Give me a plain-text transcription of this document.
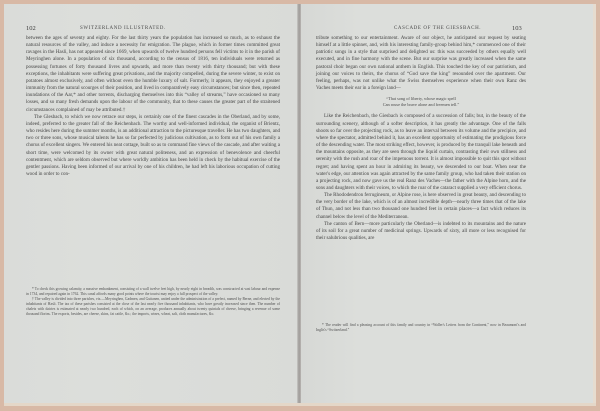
102	SWITZERLAND ILLUSTRATED.

between the ages of seventy and eighty. For the last thirty years the population has increased so much, as to exhaust the natural resources of the valley, and induce a necessity for emigration. The plague, which in former times committed great ravages in the Hasli, has not appeared since 1669, when upwards of twelve hundred persons fell victims to it in the parish of Meyringhen alone. In a population of six thousand, according to the census of 1816, ten individuals were returned as possessing fortunes of forty thousand livres and upwards, and more than twenty with thirty thousand; but with these exceptions, the inhabitants were suffering great privations, and the majority compelled, during the severe winter, to exist on potatoes almost exclusively, and often without even the humble luxury of salt. Formerly, it appears, they enjoyed a greater immunity from the natural scourges of their position, and lived in comparatively easy circumstances; but since then, repeated inundations of the Aar,* and other torrents, discharging themselves into this “valley of streams,” have occasioned so many losses, and so many fresh demands upon the labour of the community, that to these causes the greater part of the straitened circumstances complained of may be attributed.†

The Glesbach, to which we now retrace our steps, is certainly one of the finest cascades in the Oberland, and by some, indeed, preferred to the greater fall of the Reichenbach. The worthy and well-informed individual, the organist of Brientz, who resides here during the summer months, is an additional attraction to the picturesque traveller. He has two daughters, and two or three sons, whose musical talents he has so far perfected by judicious cultivation, as to form out of his own family a chorus of excellent singers. We entered his neat cottage, built so as to command fine views of the cascade, and after waiting a short time, were welcomed by its owner with great natural politeness, and an expression of benevolence and cheerful contentment, which are seldom observed but where worldly ambition has been held in check by the habitual exercise of the gentler passions. Having been informed of our arrival by one of his children, he had left his laborious occupation of cutting wood in order to con-

* To check this growing calamity, a massive embankment, consisting of a wall twelve feet high, by nearly eight in breadth, was constructed at vast labour and expense in 1734, and repaired again in 1762. This canal affords many good points where the tourist may enjoy a full prospect of the valley.

† The valley is divided into three parishes, viz.—Meyringhen, Gadmen, and Guttanen, united under the administration of a prefect, named by Berne, and elected by the inhabitants of Hasli. The tax of these parishes consisted at the close of the last nearly five thousand inhabitants, who have greatly increased since then. The number of chalets with dairies is estimated at nearly two hundred, each of which, on an average, produces annually about twenty quintals of cheese, bringing a revenue of some thousand florins. The exports, besides, are cheese, skins, fat cattle, &c.; the imports, wines, wheat, salt, cloth manufactures, &c.

CASCADE OF THE GIESSBACH.	103

tribute something to our entertainment. Aware of our object, he anticipated our request by seating himself at a little spinnet, and, with his interesting family-group behind him,* commenced one of their patriotic songs in a style that surprised and delighted us: this was succeeded by others equally well executed, and in fine harmony with the scene. But our surprise was greatly increased when the same pastoral choir began our own national anthem in English. This touched the key of our patriotism, and joining our voices to theirs, the chorus of “God save the king” resounded over the apartment. Our feeling, perhaps, was not unlike what the Swiss themselves experience when their own Ranz des Vaches meets their ear in a foreign land—

“That song of liberty, whose magic spell
Can rouse the brave alone and freemen tell.”

Like the Reichenbach, the Giesbach is composed of a succession of falls; but, in the beauty of the surrounding scenery, although of a softer description, it has greatly the advantage. One of the falls shoots so far over the projecting rock, as to leave an interval between its volume and the precipice, and where the spectator, admitted behind it, has an excellent opportunity of estimating the prodigious force of the descending water. The most striking effect, however, is produced by the tranquil lake beneath and the mountains opposite, as they are seen through the liquid curtain, contrasting their own stillness and serenity with the rush and roar of the impetuous torrent. It is almost impossible to quit this spot without regret; and having spent an hour in admiring its beauty, we descended to our boat. When near the water's edge, our attention was again attracted by the same family group, who had taken their station on a projecting rock, and now gave us the real Ranz des Vaches—the father with the Alpine horn, and the sons and daughters with their voices, to which the roar of the cataract supplied a very efficient chorus.

The Rhododendron ferrugineum, or Alpine rose, is here observed in great beauty, and descending to the very border of the lake, which is of an almost incredible depth—nearly three times that of the lake of Thun, and not less than two thousand one hundred feet in certain places—a fact which reduces its channel below the level of the Mediterranean.

The canton of Bern—more particularly the Oberland—is indebted to its mountains and the nature of its soil for a great number of medicinal springs. Upwards of sixty, all more or less recognised for their salubrious qualities, are

* The reader will find a pleasing account of this family and country in “Waller's Letters from the Continent,” now in Beaumont's and Inglis's “Switzerland.”
